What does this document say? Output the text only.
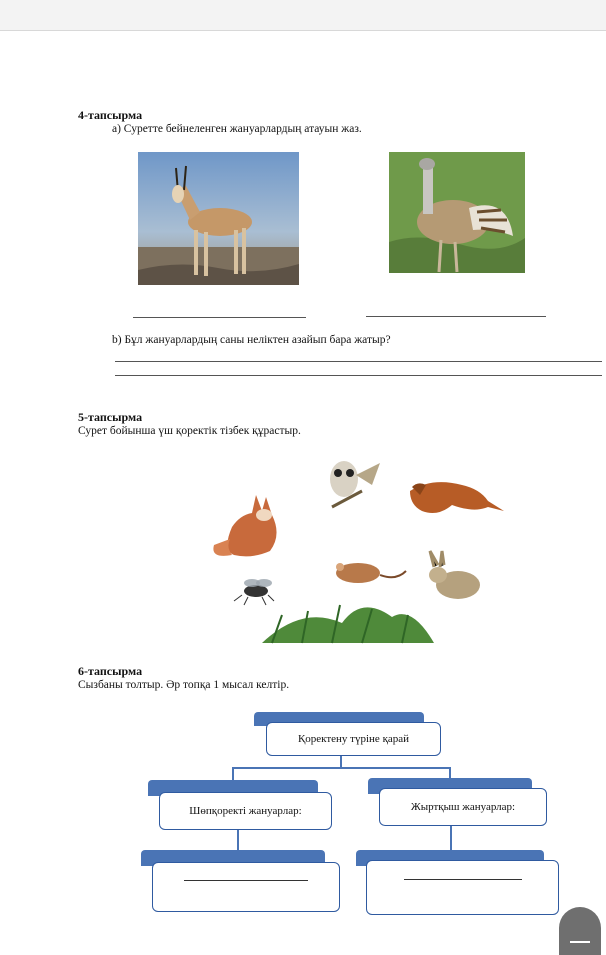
4-тапсырма
а) Суретте бейнеленген жануарлардың атауын жаз.
b) Бұл жануарлардың саны неліктен азайып бара жатыр?
5-тапсырма
Сурет бойынша үш қоректік тізбек құрастыр.
6-тапсырма
Сызбаны толтыр. Әр топқа 1 мысал келтір.
Қоректену түріне қарай
Шөпқоректі жануарлар:	Жыртқыш жануарлар:
